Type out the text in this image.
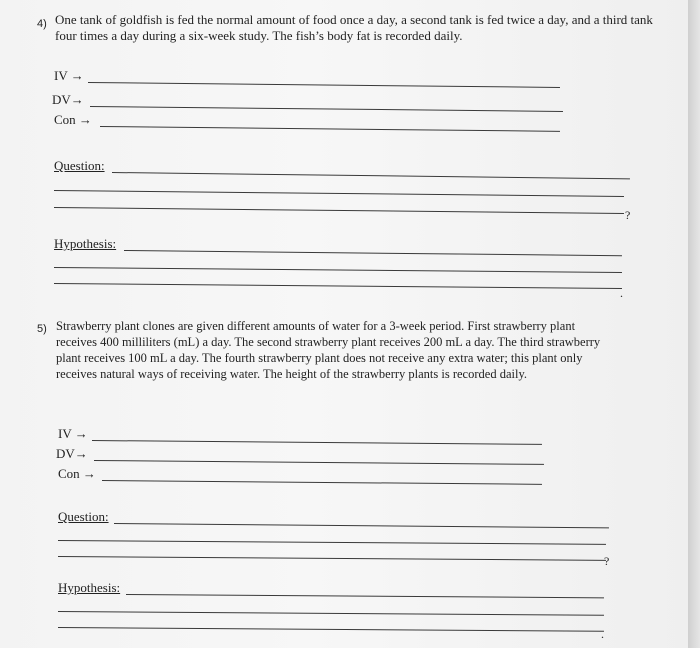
4) One tank of goldfish is fed the normal amount of food once a day, a second tank is fed twice a day, and a third tank four times a day during a six-week study. The fish’s body fat is recorded daily.
IV →
DV→
Con →
Question:
?
Hypothesis:
.
5) Strawberry plant clones are given different amounts of water for a 3-week period. First strawberry plant receives 400 milliliters (mL) a day. The second strawberry plant receives 200 mL a day. The third strawberry plant receives 100 mL a day. The fourth strawberry plant does not receive any extra water; this plant only receives natural ways of receiving water. The height of the strawberry plants is recorded daily.
IV →
DV→
Con →
Question:
?
Hypothesis:
.
